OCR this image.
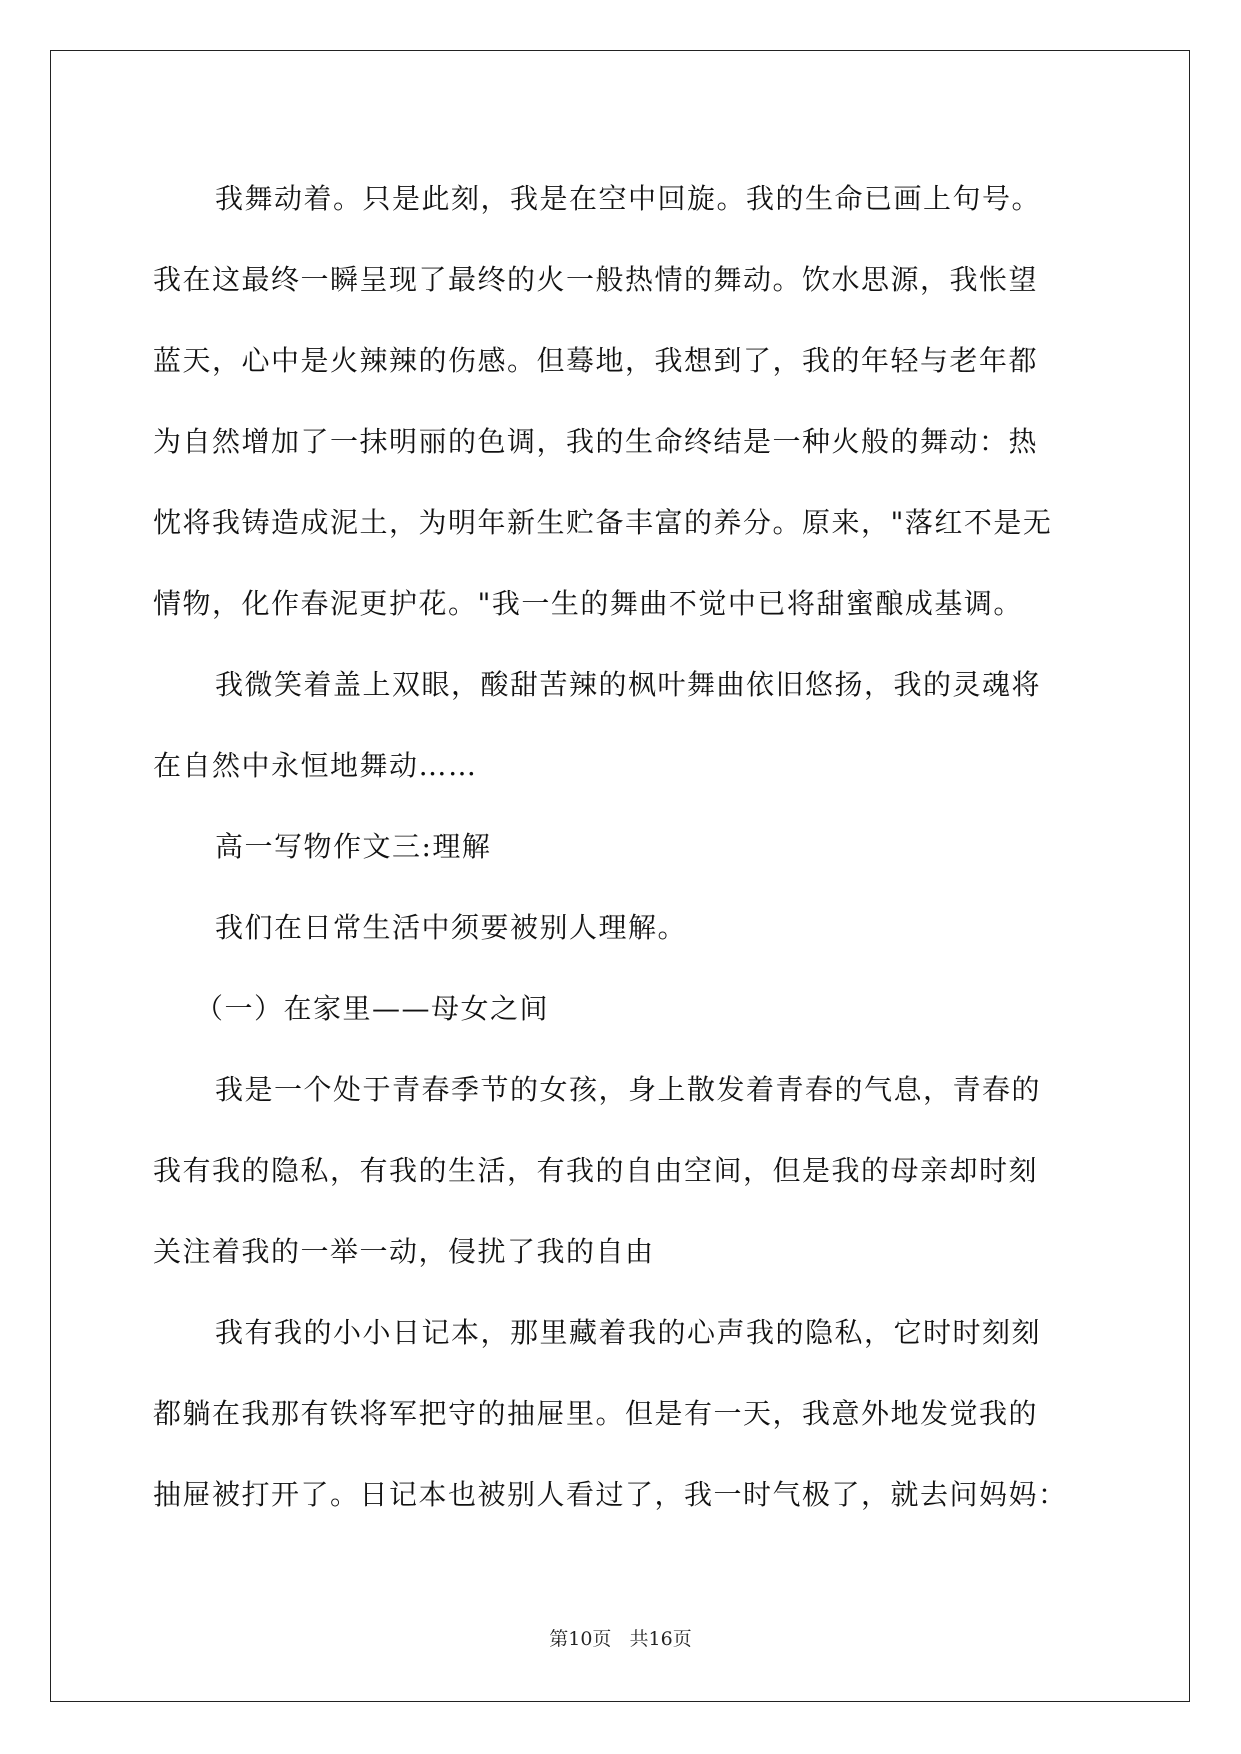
我舞动着。只是此刻，我是在空中回旋。我的生命已画上句号。
我在这最终一瞬呈现了最终的火一般热情的舞动。饮水思源，我怅望
蓝天，心中是火辣辣的伤感。但蓦地，我想到了，我的年轻与老年都
为自然增加了一抹明丽的色调，我的生命终结是一种火般的舞动：热
忱将我铸造成泥土，为明年新生贮备丰富的养分。原来，"落红不是无
情物，化作春泥更护花。"我一生的舞曲不觉中已将甜蜜酿成基调。
我微笑着盖上双眼，酸甜苦辣的枫叶舞曲依旧悠扬，我的灵魂将
在自然中永恒地舞动……
高一写物作文三:理解
我们在日常生活中须要被别人理解。
（一）在家里——母女之间
我是一个处于青春季节的女孩，身上散发着青春的气息，青春的
我有我的隐私，有我的生活，有我的自由空间，但是我的母亲却时刻
关注着我的一举一动，侵扰了我的自由
我有我的小小日记本，那里藏着我的心声我的隐私，它时时刻刻
都躺在我那有铁将军把守的抽屉里。但是有一天，我意外地发觉我的
抽屉被打开了。日记本也被别人看过了，我一时气极了，就去问妈妈：
第10页   共16页
